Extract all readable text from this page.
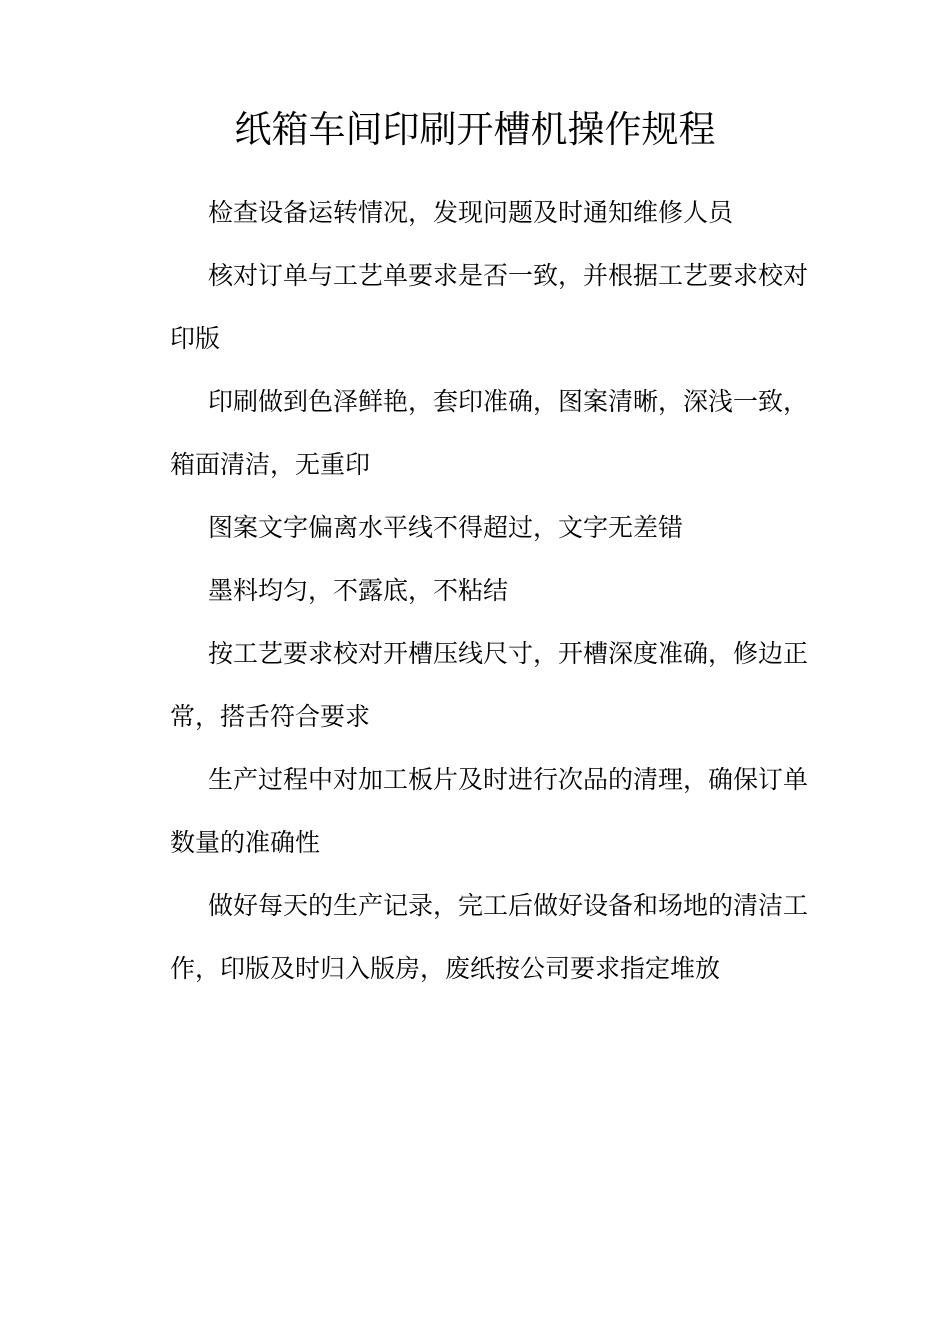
纸箱车间印刷开槽机操作规程

检查设备运转情况，发现问题及时通知维修人员

核对订单与工艺单要求是否一致，并根据工艺要求校对印版

印刷做到色泽鲜艳，套印准确，图案清晰，深浅一致，箱面清洁，无重印

图案文字偏离水平线不得超过，文字无差错

墨料均匀，不露底，不粘结

按工艺要求校对开槽压线尺寸，开槽深度准确，修边正常，搭舌符合要求

生产过程中对加工板片及时进行次品的清理，确保订单数量的准确性

做好每天的生产记录，完工后做好设备和场地的清洁工作，印版及时归入版房，废纸按公司要求指定堆放
